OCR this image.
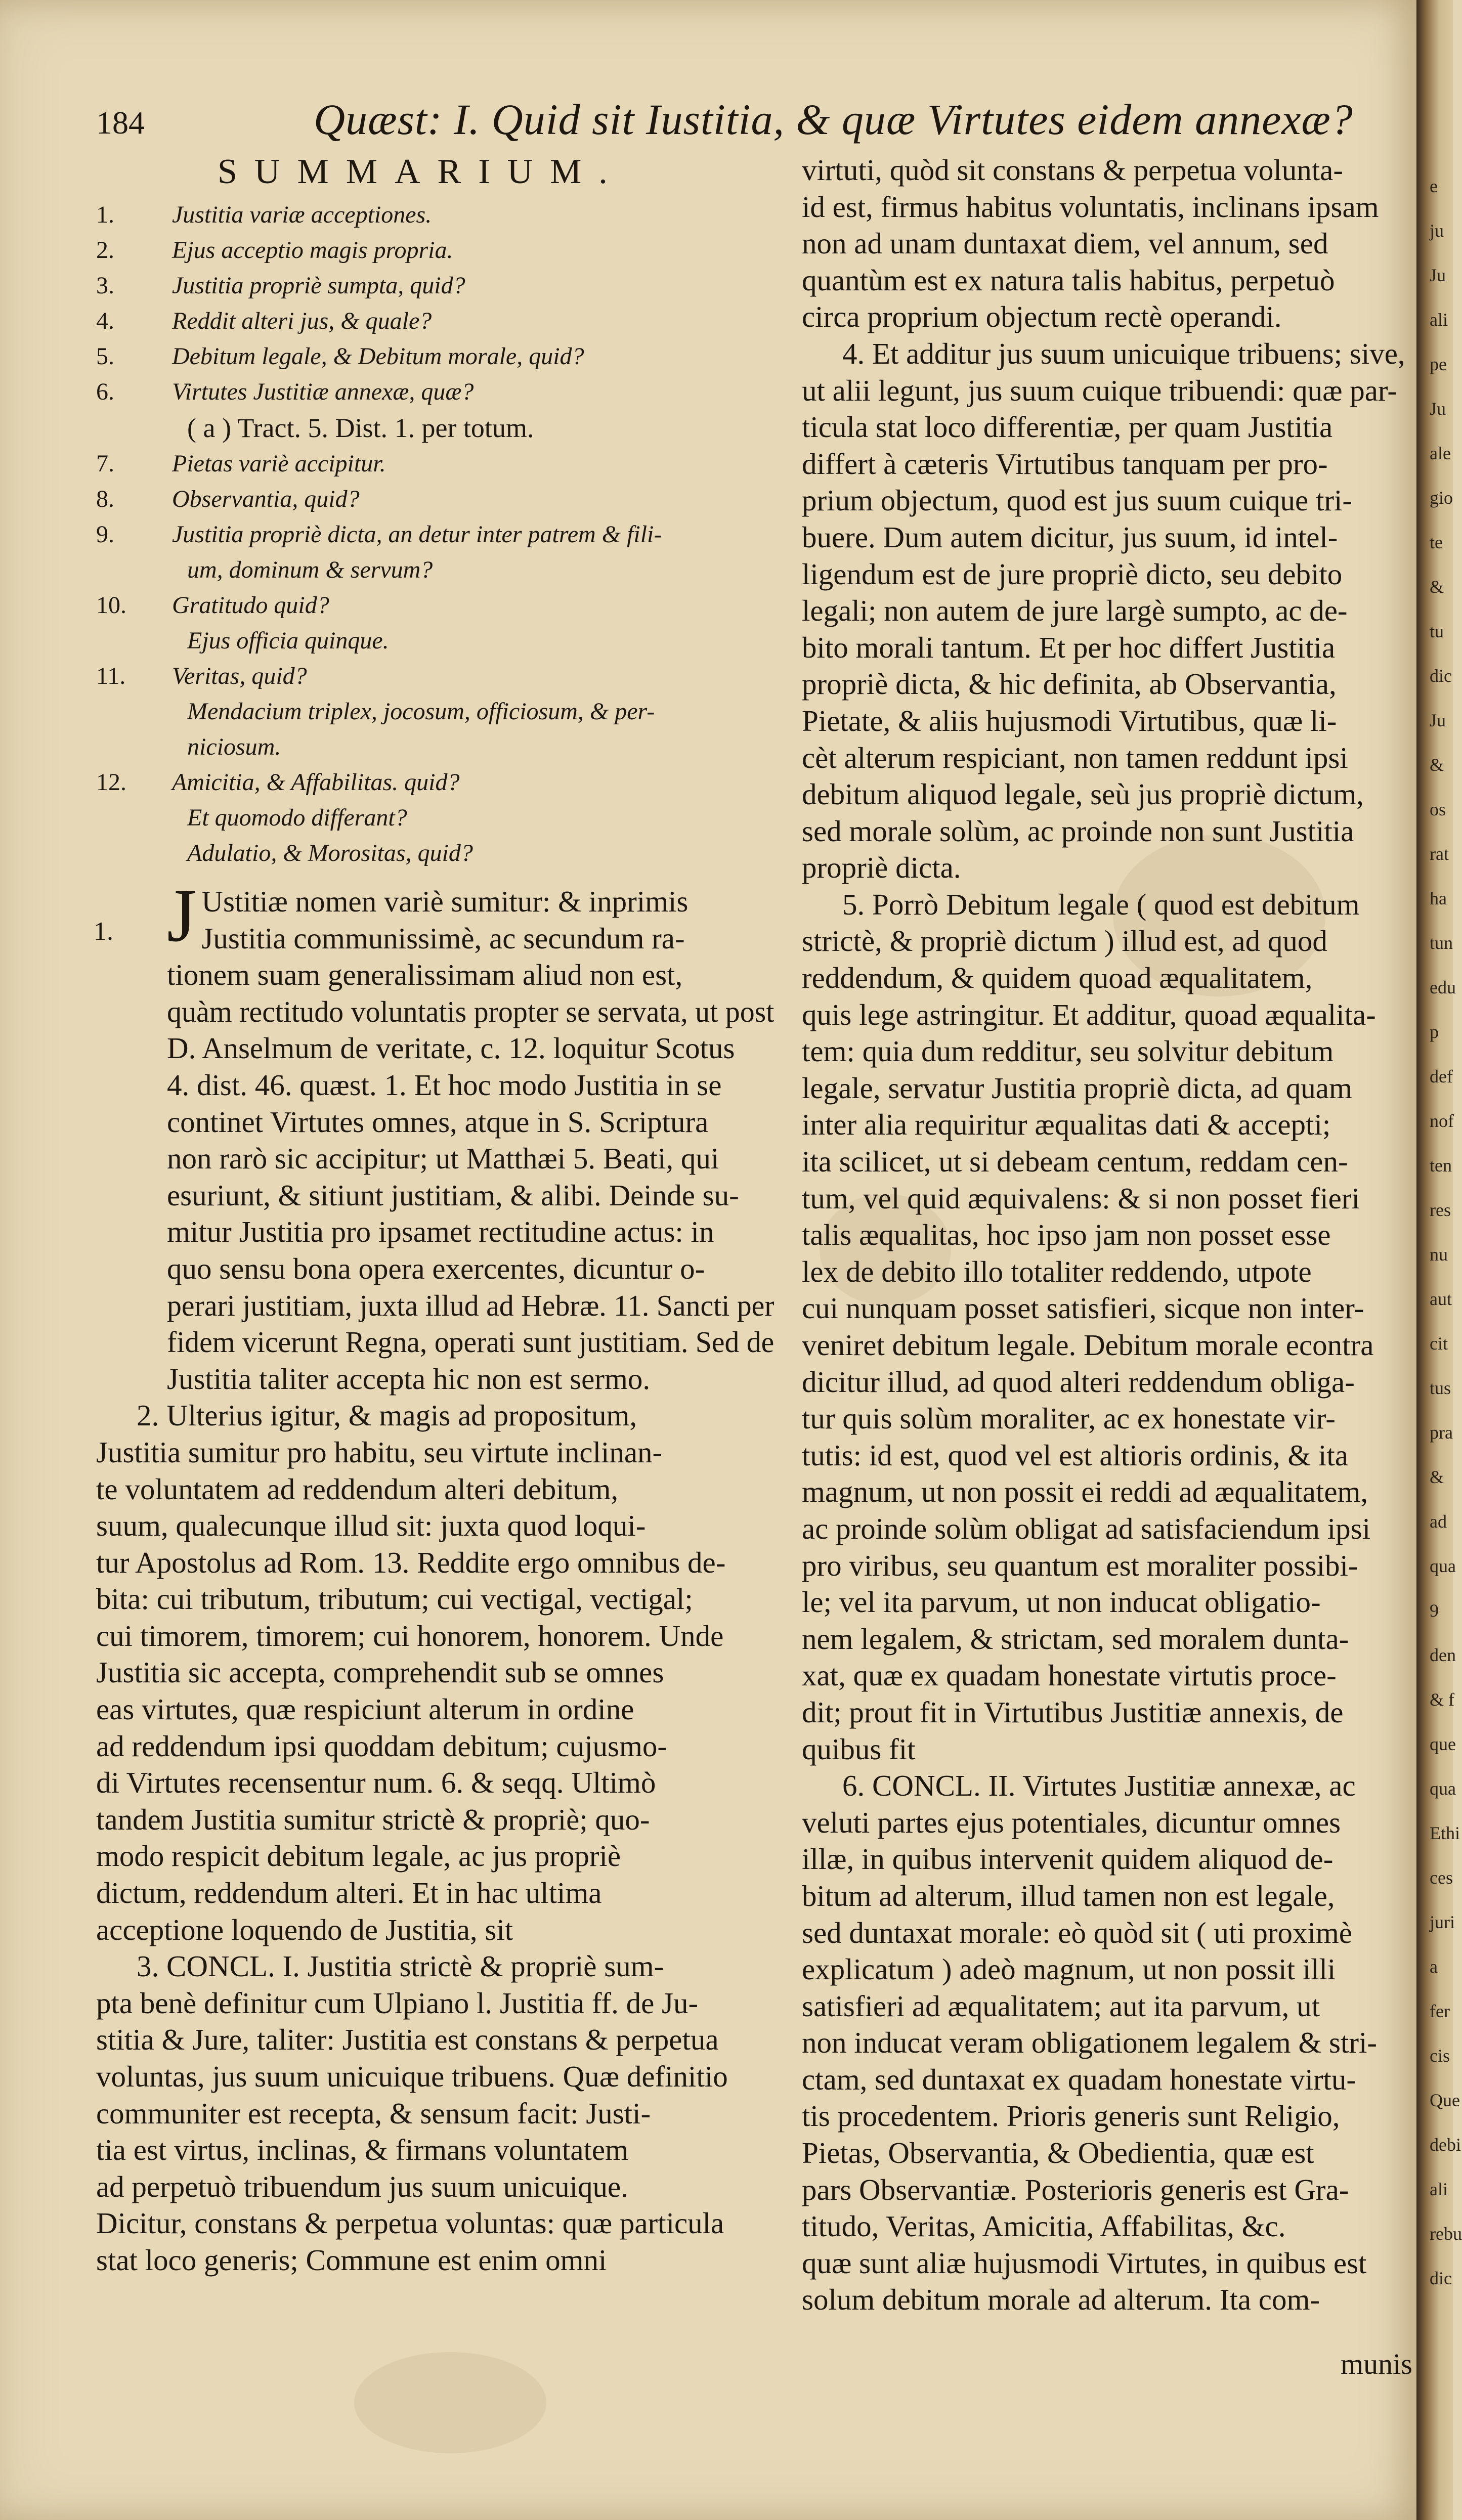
184	Quæst: I. Quid sit Iustitia, & quæ Virtutes eidem annexæ?
SUMMARIUM.
1.	Justitia variæ acceptiones.
2.	Ejus acceptio magis propria.
3.	Justitia propriè sumpta, quid?
4.	Reddit alteri jus, & quale?
5.	Debitum legale, & Debitum morale, quid?
6.	Virtutes Justitiæ annexæ, quæ?
( a ) Tract. 5. Dist. 1. per totum.
7.	Pietas variè accipitur.
8.	Observantia, quid?
9.	Justitia propriè dicta, an detur inter patrem & fili-
um, dominum & servum?
10.	Gratitudo quid?
Ejus officia quinque.
11.	Veritas, quid?
Mendacium triplex, jocosum, officiosum, & per-
niciosum.
12.	Amicitia, & Affabilitas. quid?
Et quomodo differant?
Adulatio, & Morositas, quid?
1. J Ustitiæ nomen variè sumitur: & inprimis
Justitia communissimè, ac secundum ra-
tionem suam generalissimam aliud non est,
quàm rectitudo voluntatis propter se servata, ut post
D. Anselmum de veritate, c. 12. loquitur Scotus
4. dist. 46. quæst. 1. Et hoc modo Justitia in se
continet Virtutes omnes, atque in S. Scriptura
non rarò sic accipitur; ut Matthæi 5. Beati, qui
esuriunt, & sitiunt justitiam, & alibi. Deinde su-
mitur Justitia pro ipsamet rectitudine actus: in
quo sensu bona opera exercentes, dicuntur o-
perari justitiam, juxta illud ad Hebræ. 11. Sancti per
fidem vicerunt Regna, operati sunt justitiam. Sed de
Justitia taliter accepta hic non est sermo.
2. Ulterius igitur, & magis ad propositum,
Justitia sumitur pro habitu, seu virtute inclinan-
te voluntatem ad reddendum alteri debitum,
suum, qualecunque illud sit: juxta quod loqui-
tur Apostolus ad Rom. 13. Reddite ergo omnibus de-
bita: cui tributum, tributum; cui vectigal, vectigal;
cui timorem, timorem; cui honorem, honorem. Unde
Justitia sic accepta, comprehendit sub se omnes
eas virtutes, quæ respiciunt alterum in ordine
ad reddendum ipsi quoddam debitum; cujusmo-
di Virtutes recensentur num. 6. & seqq. Ultimò
tandem Justitia sumitur strictè & propriè; quo-
modo respicit debitum legale, ac jus propriè
dictum, reddendum alteri. Et in hac ultima
acceptione loquendo de Justitia, sit
3. CONCL. I. Justitia strictè & propriè sum-
pta benè definitur cum Ulpiano l. Justitia ff. de Ju-
stitia & Jure, taliter: Justitia est constans & perpetua
voluntas, jus suum unicuique tribuens. Quæ definitio
communiter est recepta, & sensum facit: Justi-
tia est virtus, inclinas, & firmans voluntatem
ad perpetuò tribuendum jus suum unicuique.
Dicitur, constans & perpetua voluntas: quæ particula
stat loco generis; Commune est enim omni
virtuti, quòd sit constans & perpetua volunta-
id est, firmus habitus voluntatis, inclinans ipsam
non ad unam duntaxat diem, vel annum, sed
quantùm est ex natura talis habitus, perpetuò
circa proprium objectum rectè operandi.
4. Et additur jus suum unicuique tribuens; sive,
ut alii legunt, jus suum cuique tribuendi: quæ par-
ticula stat loco differentiæ, per quam Justitia
differt à cæteris Virtutibus tanquam per pro-
prium objectum, quod est jus suum cuique tri-
buere. Dum autem dicitur, jus suum, id intel-
ligendum est de jure propriè dicto, seu debito
legali; non autem de jure largè sumpto, ac de-
bito morali tantum. Et per hoc differt Justitia
propriè dicta, & hic definita, ab Observantia,
Pietate, & aliis hujusmodi Virtutibus, quæ li-
cèt alterum respiciant, non tamen reddunt ipsi
debitum aliquod legale, seù jus propriè dictum,
sed morale solùm, ac proinde non sunt Justitia
propriè dicta.
5. Porrò Debitum legale ( quod est debitum
strictè, & propriè dictum ) illud est, ad quod
reddendum, & quidem quoad æqualitatem,
quis lege astringitur. Et additur, quoad æqualita-
tem: quia dum redditur, seu solvitur debitum
legale, servatur Justitia propriè dicta, ad quam
inter alia requiritur æqualitas dati & accepti;
ita scilicet, ut si debeam centum, reddam cen-
tum, vel quid æquivalens: & si non posset fieri
talis æqualitas, hoc ipso jam non posset esse
lex de debito illo totaliter reddendo, utpote
cui nunquam posset satisfieri, sicque non inter-
veniret debitum legale. Debitum morale econtra
dicitur illud, ad quod alteri reddendum obliga-
tur quis solùm moraliter, ac ex honestate vir-
tutis: id est, quod vel est altioris ordinis, & ita
magnum, ut non possit ei reddi ad æqualitatem,
ac proinde solùm obligat ad satisfaciendum ipsi
pro viribus, seu quantum est moraliter possibi-
le; vel ita parvum, ut non inducat obligatio-
nem legalem, & strictam, sed moralem dunta-
xat, quæ ex quadam honestate virtutis proce-
dit; prout fit in Virtutibus Justitiæ annexis, de
quibus fit
6. CONCL. II. Virtutes Justitiæ annexæ, ac
veluti partes ejus potentiales, dicuntur omnes
illæ, in quibus intervenit quidem aliquod de-
bitum ad alterum, illud tamen non est legale,
sed duntaxat morale: eò quòd sit ( uti proximè
explicatum ) adeò magnum, ut non possit illi
satisfieri ad æqualitatem; aut ita parvum, ut
non inducat veram obligationem legalem & stri-
ctam, sed duntaxat ex quadam honestate virtu-
tis procedentem. Prioris generis sunt Religio,
Pietas, Observantia, & Obedientia, quæ est
pars Observantiæ. Posterioris generis est Gra-
titudo, Veritas, Amicitia, Affabilitas, &c.
quæ sunt aliæ hujusmodi Virtutes, in quibus est
solum debitum morale ad alterum. Ita com-
munis
e
ju
Ju
ali
pe
Ju
ale
gio
te
&
tu
dic
Ju
&
os
rat
ha
tun
edu
p
def
nof
ten
res
nu
aut
cit
tus
pra
&
ad
qua
9
den
& f
que
qua
Ethi
ces
juri
a
fer
cis
Que
debi
ali
rebu
dic
